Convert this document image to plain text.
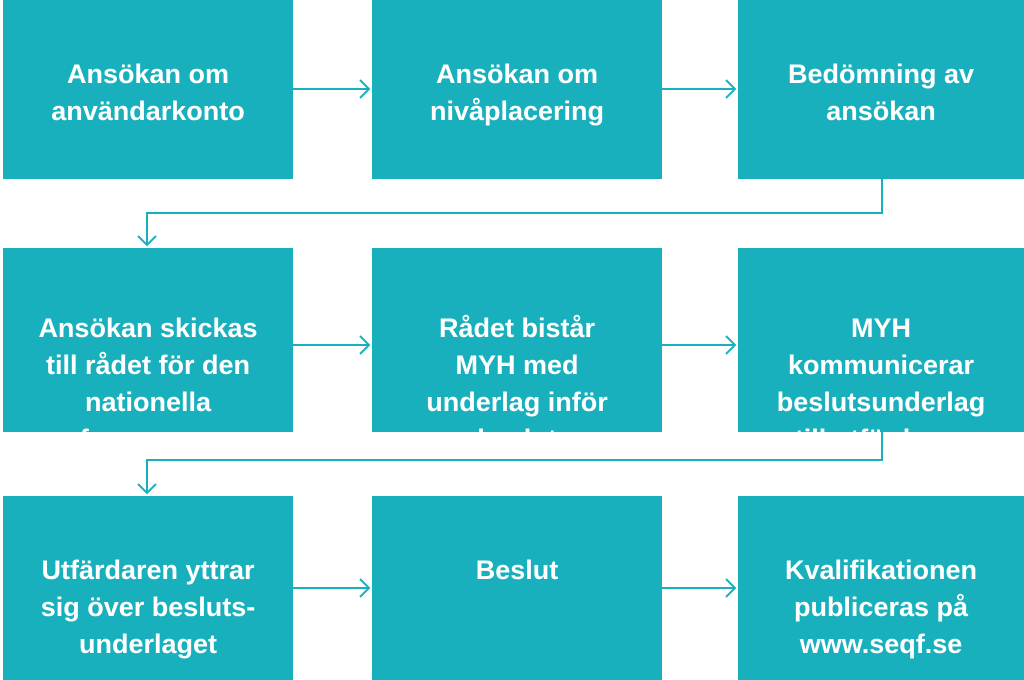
Ansökan om
användarkonto

Ansökan om
nivåplacering

Bedömning av
ansökan

Ansökan skickas
till rådet för den
nationella
referensramen

Rådet bistår
MYH med
underlag inför
beslut

MYH
kommunicerar
beslutsunderlag
till utfärdaren

Utfärdaren yttrar
sig över besluts-
underlaget

Beslut	Kvalifikationen
publiceras på
www.seqf.se
